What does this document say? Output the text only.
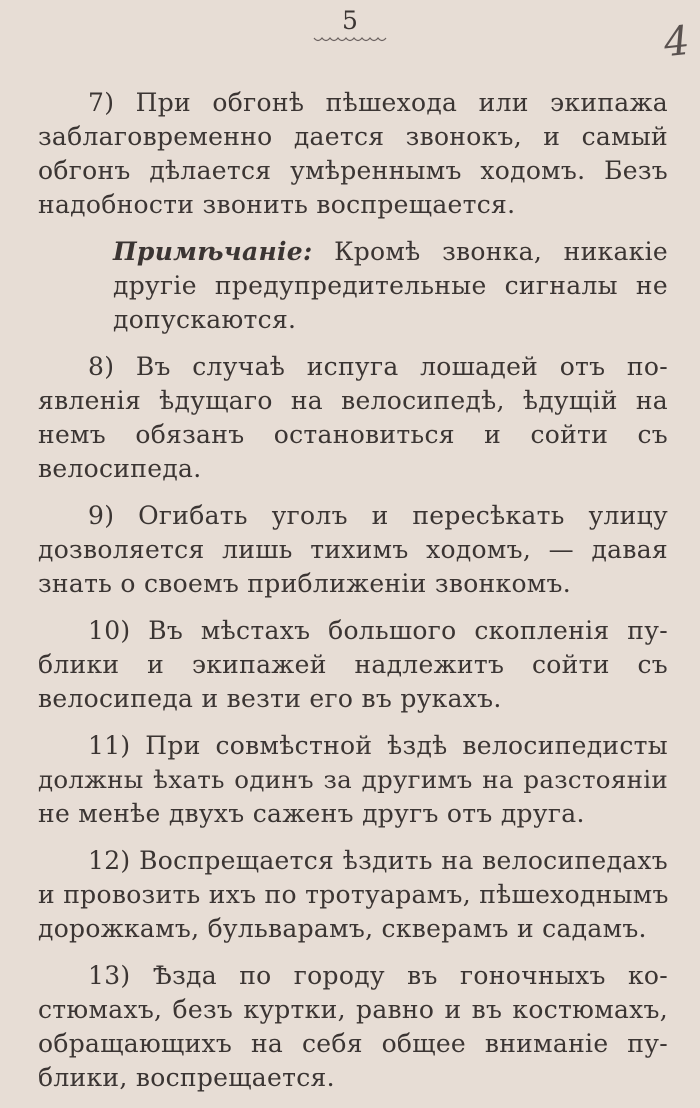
5	4
7) При обгонѣ пѣшехода или экипажа
заблаговременно дается звонокъ, и самый
обгонъ дѣлается умѣреннымъ ходомъ. Безъ
надобности звонить воспрещается.
Примѣчаніе: Кромѣ звонка, никакіе
другіе предупредительные сигналы не
допускаются.
8) Въ случаѣ испуга лошадей отъ по-
явленія ѣдущаго на велосипедѣ, ѣдущій на
немъ обязанъ остановиться и сойти съ
велосипеда.
9) Огибать уголъ и пересѣкать улицу
дозволяется лишь тихимъ ходомъ, — давая
знать о своемъ приближеніи звонкомъ.
10) Въ мѣстахъ большого скопленія пу-
блики и экипажей надлежитъ сойти съ
велосипеда и везти его въ рукахъ.
11) При совмѣстной ѣздѣ велосипедисты
должны ѣхать одинъ за другимъ на разстояніи
не менѣе двухъ саженъ другъ отъ друга.
12) Воспрещается ѣздить на велосипедахъ
и провозить ихъ по тротуарамъ, пѣшеходнымъ
дорожкамъ, бульварамъ, скверамъ и садамъ.
13) Ѣзда по городу въ гоночныхъ ко-
стюмахъ, безъ куртки, равно и въ костюмахъ,
обращающихъ на себя общее вниманіе пу-
блики, воспрещается.
